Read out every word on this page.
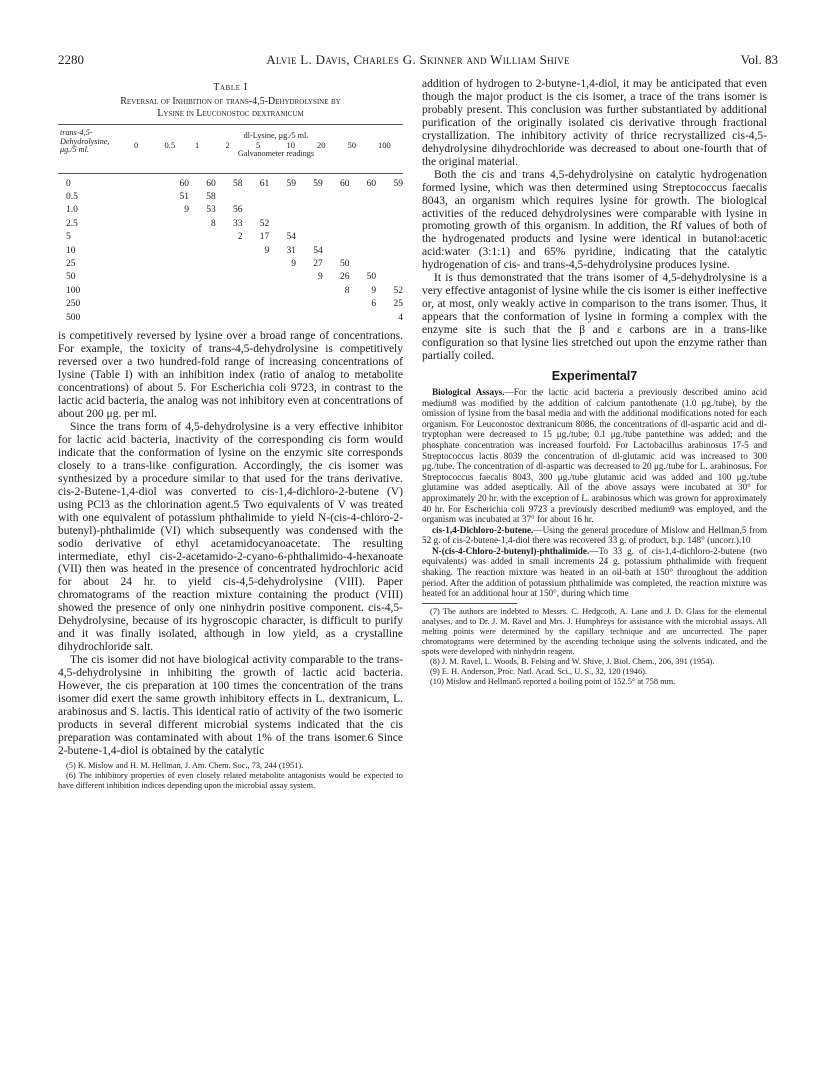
2280	Alvie L. Davis, Charles G. Skinner and William Shive	Vol. 83
Table I
Reversal of Inhibition of trans-4,5-Dehydrolysine by
Lysine in Leuconostoc dextranicum
trans-4,5-Dehydrolysine, μg./5 ml.
dl-Lysine, μg./5 ml.
0	0.5 1	2	5	10	20	50	100
Galvanometer readings
0	60	60	58	61	59	59	60	60	59
0.5	51	58							
1.0	9	53	56						
2.5		8	33	52					
5			2	17	54				
10				9	31	54			
25					9	27	50		
50						9	26	50	
100							8	9	52
250								6	25
500									4

is competitively reversed by lysine over a broad range of concentrations. For example, the toxicity of trans-4,5-dehydrolysine is competitively reversed over a two hundred-fold range of increasing concentrations of lysine (Table I) with an inhibition index (ratio of analog to metabolite concentrations) of about 5. For Escherichia coli 9723, in contrast to the lactic acid bacteria, the analog was not inhibitory even at concentrations of about 200 μg. per ml.

Since the trans form of 4,5-dehydrolysine is a very effective inhibitor for lactic acid bacteria, inactivity of the corresponding cis form would indicate that the conformation of lysine on the enzymic site corresponds closely to a trans-like configuration. Accordingly, the cis isomer was synthesized by a procedure similar to that used for the trans derivative. cis-2-Butene-1,4-diol was converted to cis-1,4-dichloro-2-butene (V) using PCl3 as the chlorination agent.5 Two equivalents of V was treated with one equivalent of potassium phthalimide to yield N-(cis-4-chloro-2-butenyl)-phthalimide (VI) which subsequently was condensed with the sodio derivative of ethyl acetamidocyanoacetate. The resulting intermediate, ethyl cis-2-acetamido-2-cyano-6-phthalimido-4-hexanoate (VII) then was heated in the presence of concentrated hydrochloric acid for about 24 hr. to yield cis-4,5-dehydrolysine (VIII). Paper chromatograms of the reaction mixture containing the product (VIII) showed the presence of only one ninhydrin positive component. cis-4,5-Dehydrolysine, because of its hygroscopic character, is difficult to purify and it was finally isolated, although in low yield, as a crystalline dihydrochloride salt.

The cis isomer did not have biological activity comparable to the trans-4,5-dehydrolysine in inhibiting the growth of lactic acid bacteria. However, the cis preparation at 100 times the concentration of the trans isomer did exert the same growth inhibitory effects in L. dextranicum, L. arabinosus and S. lactis. This identical ratio of activity of the two isomeric products in several different microbial systems indicated that the cis preparation was contaminated with about 1% of the trans isomer.6 Since 2-butene-1,4-diol is obtained by the catalytic

(5) K. Mislow and H. M. Hellman, J. Am. Chem. Soc., 73, 244 (1951).

(6) The inhibitory properties of even closely related metabolite antagonists would be expected to have different inhibition indices depending upon the microbial assay system.

addition of hydrogen to 2-butyne-1,4-diol, it may be anticipated that even though the major product is the cis isomer, a trace of the trans isomer is probably present. This conclusion was further substantiated by additional purification of the originally isolated cis derivative through fractional crystallization. The inhibitory activity of thrice recrystallized cis-4,5-dehydrolysine dihydrochloride was decreased to about one-fourth that of the original material.

Both the cis and trans 4,5-dehydrolysine on catalytic hydrogenation formed lysine, which was then determined using Streptococcus faecalis 8043, an organism which requires lysine for growth. The biological activities of the reduced dehydrolysines were comparable with lysine in promoting growth of this organism. In addition, the Rf values of both of the hydrogenated products and lysine were identical in butanol:acetic acid:water (3:1:1) and 65% pyridine, indicating that the catalytic hydrogenation of cis- and trans-4,5-dehydrolysine produces lysine.

It is thus demonstrated that the trans isomer of 4,5-dehydrolysine is a very effective antagonist of lysine while the cis isomer is either ineffective or, at most, only weakly active in comparison to the trans isomer. Thus, it appears that the conformation of lysine in forming a complex with the enzyme site is such that the β and ε carbons are in a trans-like configuration so that lysine lies stretched out upon the enzyme rather than partially coiled.

Experimental7

Biological Assays.—For the lactic acid bacteria a previously described amino acid medium8 was modified by the addition of calcium pantothenate (1.0 μg./tube), by the omission of lysine from the basal media and with the additional modifications noted for each organism. For Leuconostoc dextranicum 8086, the concentrations of dl-aspartic acid and dl-tryptophan were decreased to 15 μg./tube; 0.1 μg./tube pantethine was added; and the phosphate concentration was increased fourfold. For Lactobacillus arabinosus 17-5 and Streptococcus lactis 8039 the concentration of dl-glutamic acid was increased to 300 μg./tube. The concentration of dl-aspartic was decreased to 20 μg./tube for L. arabinosus. For Streptococcus faecalis 8043, 300 μg./tube glutamic acid was added and 100 μg./tube glutamine was added aseptically. All of the above assays were incubated at 30° for approximately 20 hr. with the exception of L. arabinosus which was grown for approximately 40 hr. For Escherichia coli 9723 a previously described medium9 was employed, and the organism was incubated at 37° for about 16 hr.

cis-1,4-Dichloro-2-butene.—Using the general procedure of Mislow and Hellman,5 from 52 g. of cis-2-butene-1,4-diol there was recovered 33 g. of product, b.p. 148° (uncorr.).10

N-(cis-4-Chloro-2-butenyl)-phthalimide.—To 33 g. of cis-1,4-dichloro-2-butene (two equivalents) was added in small increments 24 g. potassium phthalimide with frequent shaking. The reaction mixture was heated in an oil-bath at 150° throughout the addition period. After the addition of potassium phthalimide was completed, the reaction mixture was heated for an additional hour at 150°, during which time

(7) The authors are indebted to Messrs. C. Hedgcoth, A. Lane and J. D. Glass for the elemental analyses, and to Dr. J. M. Ravel and Mrs. J. Humphreys for assistance with the microbial assays. All melting points were determined by the capillary technique and are uncorrected. The paper chromatograms were determined by the ascending technique using the solvents indicated, and the spots were developed with ninhydrin reagent.

(8) J. M. Ravel, L. Woods, B. Felsing and W. Shive, J. Biol. Chem., 206, 391 (1954).

(9) E. H. Anderson, Proc. Natl. Acad. Sci., U. S., 32, 120 (1946).

(10) Mislow and Hellman5 reported a boiling point of 152.5° at 758 mm.
